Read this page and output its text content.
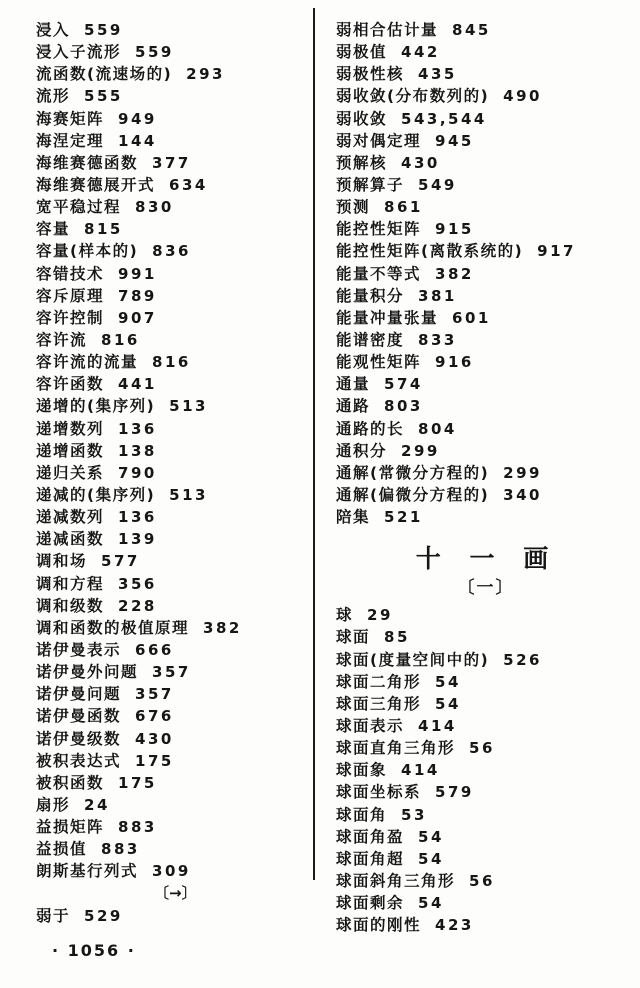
浸入 559
浸入子流形 559
流函数(流速场的) 293
流形 555
海赛矩阵 949
海涅定理 144
海维赛德函数 377
海维赛德展开式 634
宽平稳过程 830
容量 815
容量(样本的) 836
容错技术 991
容斥原理 789
容许控制 907
容许流 816
容许流的流量 816
容许函数 441
递增的(集序列) 513
递增数列 136
递增函数 138
递归关系 790
递减的(集序列) 513
递减数列 136
递减函数 139
调和场 577
调和方程 356
调和级数 228
调和函数的极值原理 382
诺伊曼表示 666
诺伊曼外问题 357
诺伊曼问题 357
诺伊曼函数 676
诺伊曼级数 430
被积表达式 175
被积函数 175
扇形 24
益损矩阵 883
益损值 883
朗斯基行列式 309
〔→〕
弱于 529
弱相合估计量 845
弱极值 442
弱极性核 435
弱收敛(分布数列的) 490
弱收敛 543,544
弱对偶定理 945
预解核 430
预解算子 549
预测 861
能控性矩阵 915
能控性矩阵(离散系统的) 917
能量不等式 382
能量积分 381
能量冲量张量 601
能谱密度 833
能观性矩阵 916
通量 574
通路 803
通路的长 804
通积分 299
通解(常微分方程的) 299
通解(偏微分方程的) 340
陪集 521
十一画
〔一〕
球 29
球面 85
球面(度量空间中的) 526
球面二角形 54
球面三角形 54
球面表示 414
球面直角三角形 56
球面象 414
球面坐标系 579
球面角 53
球面角盈 54
球面角超 54
球面斜角三角形 56
球面剩余 54
球面的刚性 423
· 1056 ·
